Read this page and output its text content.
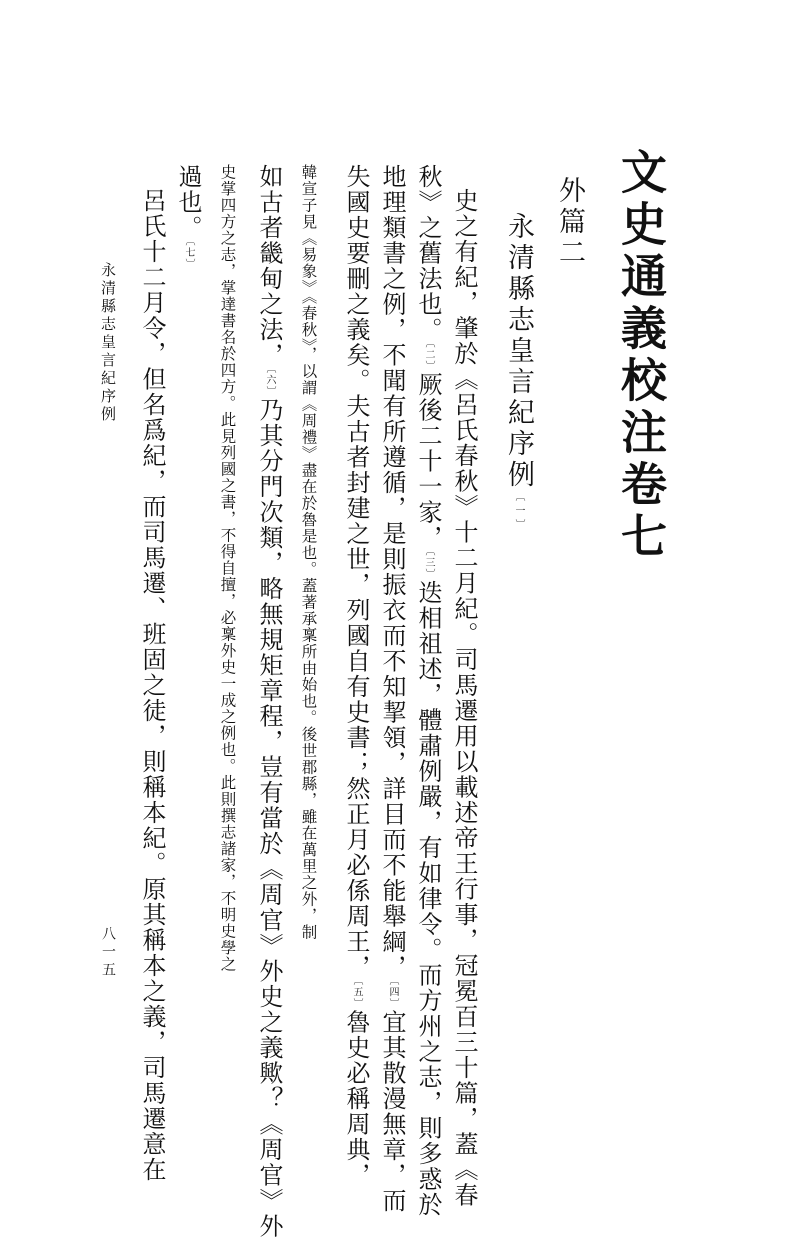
文史通義校注卷七
外篇二
永清縣志皇言紀序例〔一〕
史之有紀，肇於《呂氏春秋》十二月紀。司馬遷用以載述帝王行事，冠冕百三十篇，蓋《春
秋》之舊法也。〔二〕厥後二十一家，〔三〕迭相祖述，體肅例嚴，有如律令。而方州之志，則多惑於
地理類書之例，不聞有所遵循，是則振衣而不知挈領，詳目而不能舉綱，〔四〕宜其散漫無章，而
失國史要刪之義矣。夫古者封建之世，列國自有史書；然正月必係周王，〔五〕魯史必稱周典，
韓宣子見《易象》《春秋》，以謂《周禮》盡在於魯是也。蓋著承稟所由始也。後世郡縣，雖在萬里之外，制
如古者畿甸之法，〔六〕乃其分門次類，略無規矩章程，豈有當於《周官》外史之義歟？《周官》外
史掌四方之志，掌達書名於四方。此見列國之書，不得自擅，必稟外史一成之例也。此則撰志諸家，不明史學之
過也。〔七〕
呂氏十二月令，但名爲紀，而司馬遷、班固之徒，則稱本紀。原其稱本之義，司馬遷意在
永清縣志皇言紀序例
八一五
